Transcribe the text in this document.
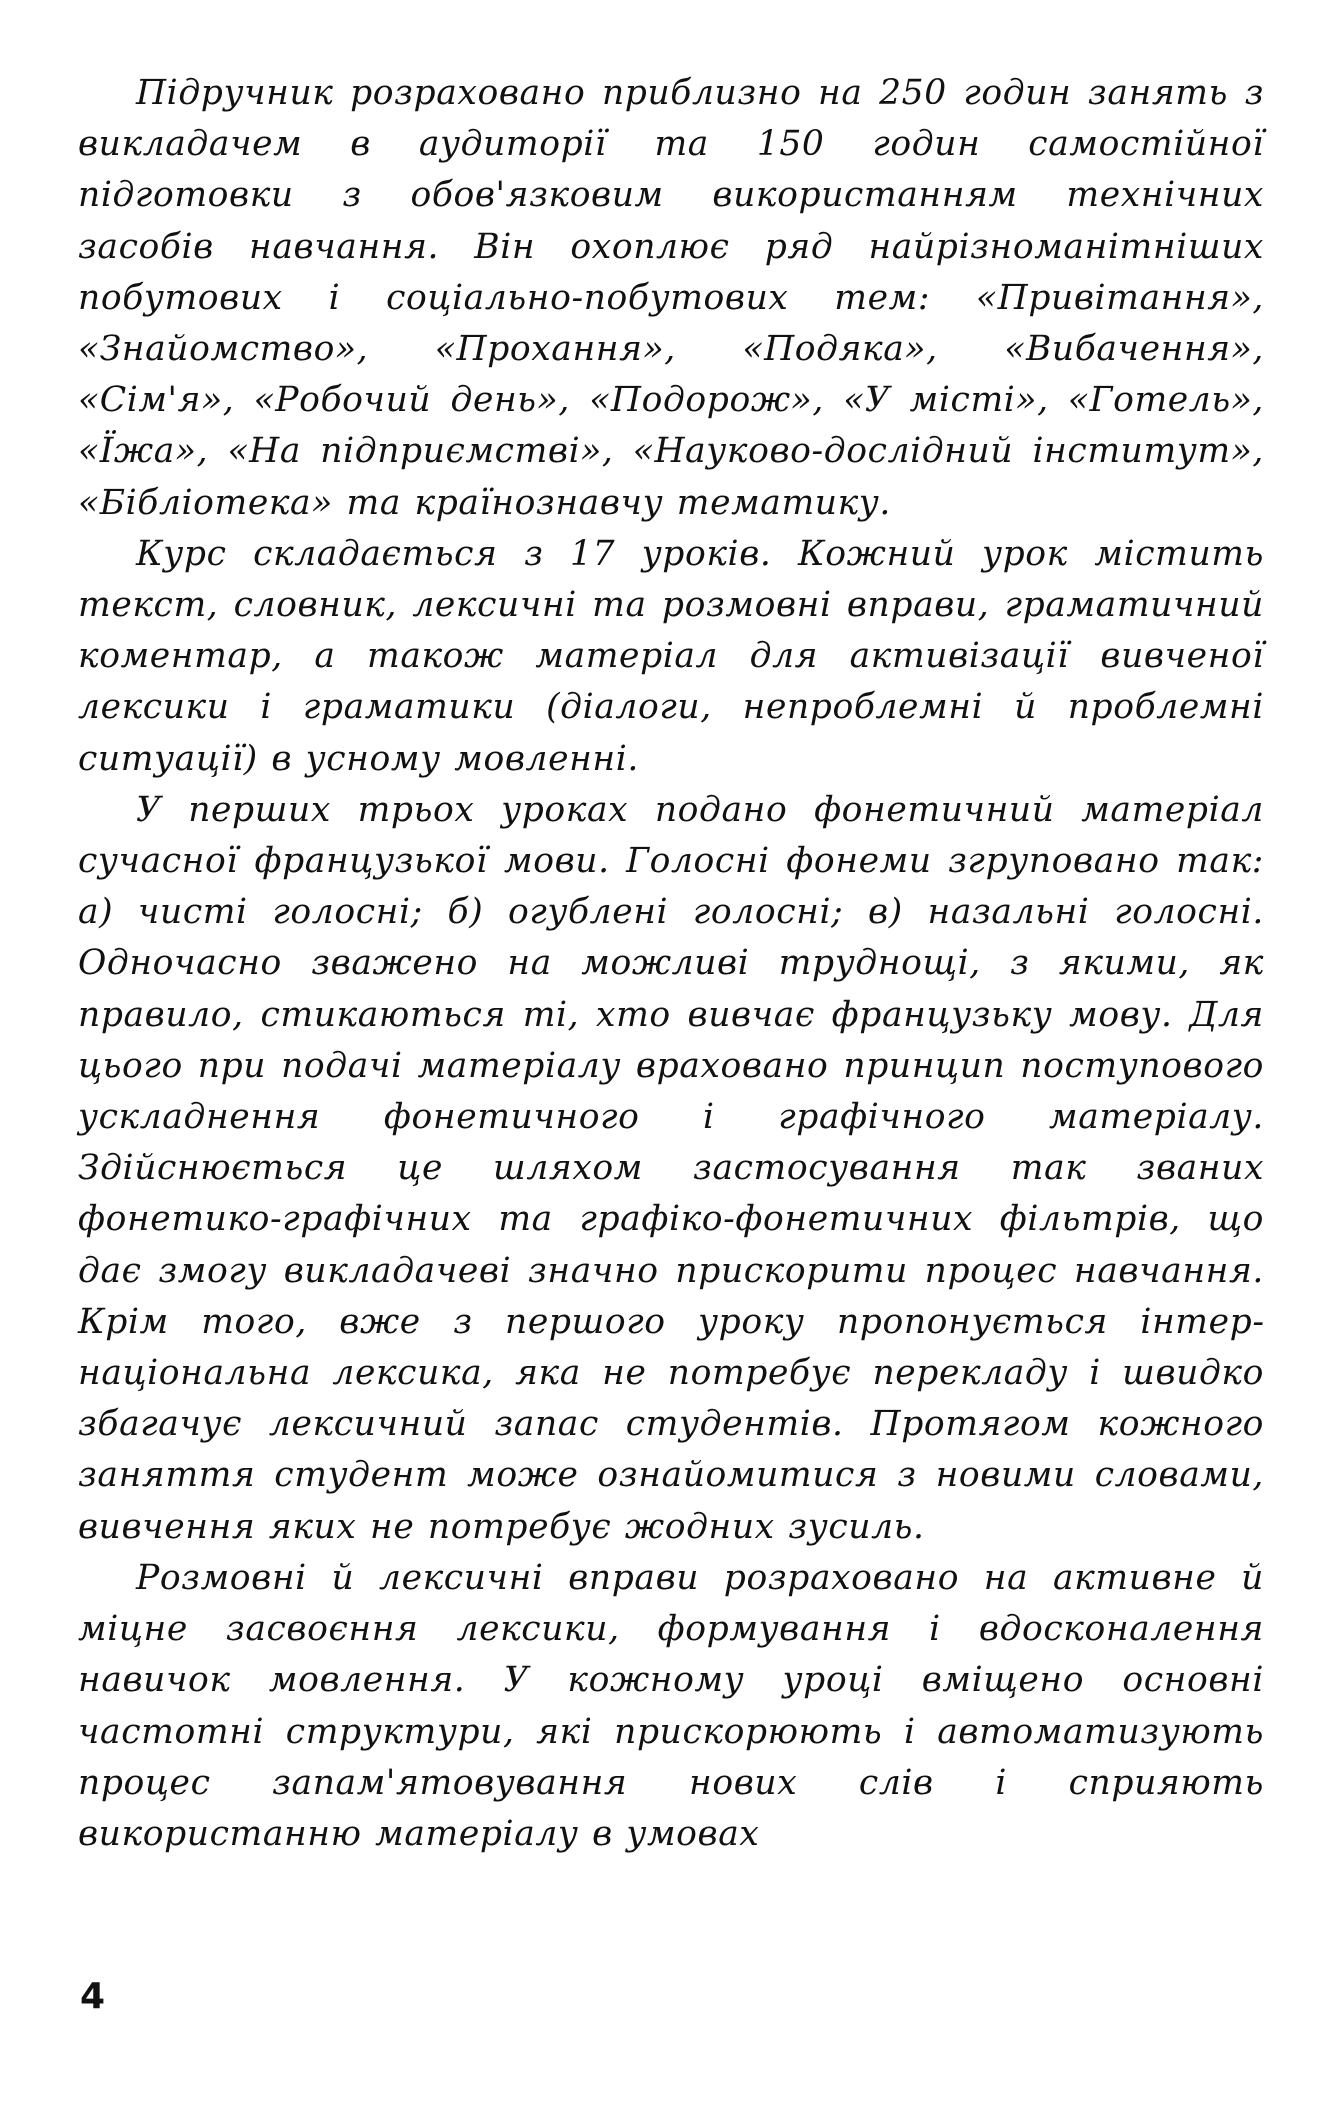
Підручник розраховано приблизно на 250 годин занять з викладачем в аудиторії та 150 годин самостійної підготовки з обов'язковим використанням технічних засобів навчання. Він охоплює ряд найрізноманітніших побутових і соціально-побутових тем: «Привітання», «Знайомство», «Прохання», «Подяка», «Вибачення», «Сім'я», «Робочий день», «Подорож», «У місті», «Готель», «Їжа», «На підприємстві», «Науково-дослідний інститут», «Бібліотека» та країнознавчу тематику.

Курс складається з 17 уроків. Кожний урок містить текст, словник, лексичні та розмовні вправи, граматичний коментар, а також матеріал для активізації вивченої лексики і граматики (діалоги, непроблемні й проблемні ситуації) в усному мовленні.

У перших трьох уроках подано фонетичний матеріал сучасної французької мови. Голосні фонеми згруповано так: а) чисті голосні; б) огублені голосні; в) назальні голосні. Одночасно зважено на можливі труднощі, з якими, як правило, стикаються ті, хто вивчає французьку мову. Для цього при подачі матеріалу враховано принцип поступового ускладнення фонетичного і графічного матеріалу. Здійснюється це шляхом застосування так званих фонетико-графічних та графіко-фонетичних фільтрів, що дає змогу викладачеві значно прискорити процес навчання. Крім того, вже з першого уроку пропонується інтернаціональна лексика, яка не потребує перекладу і швидко збагачує лексичний запас студентів. Протягом кожного заняття студент може ознайомитися з новими словами, вивчення яких не потребує жодних зусиль.

Розмовні й лексичні вправи розраховано на активне й міцне засвоєння лексики, формування і вдосконалення навичок мовлення. У кожному уроці вміщено основні частотні структури, які прискорюють і автоматизують процес запам'ятовування нових слів і сприяють використанню матеріалу в умовах

4
